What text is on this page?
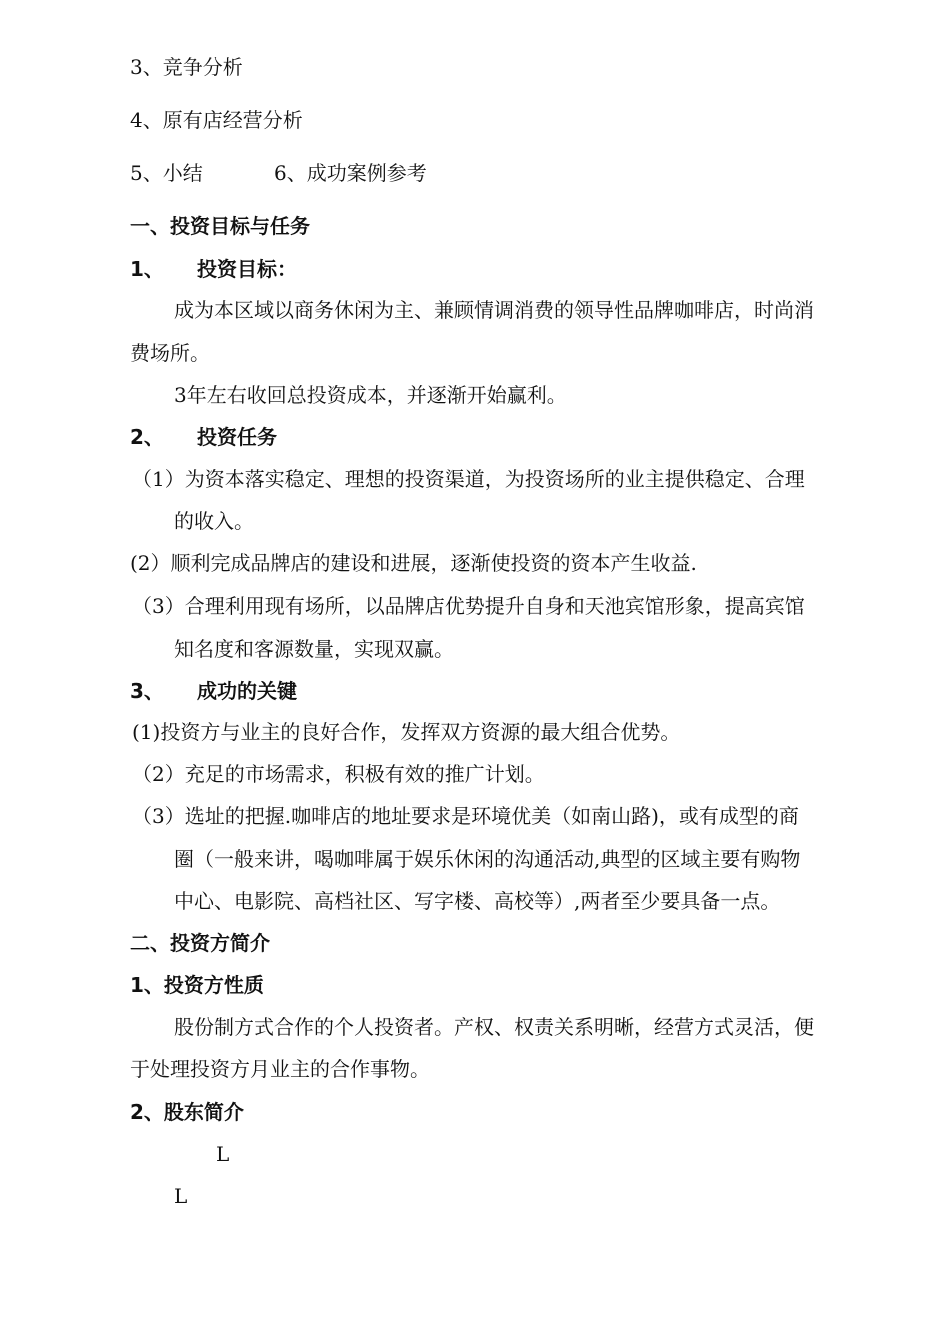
3、竞争分析
4、原有店经营分析
5、小结	6、成功案例参考
一、投资目标与任务
1、 投资目标：
成为本区域以商务休闲为主、兼顾情调消费的领导性品牌咖啡店，时尚消
费场所。
3年左右收回总投资成本，并逐渐开始赢利。
2、 投资任务
（1）为资本落实稳定、理想的投资渠道，为投资场所的业主提供稳定、合理
的收入。
(2）顺利完成品牌店的建设和进展，逐渐使投资的资本产生收益.
（3）合理利用现有场所，以品牌店优势提升自身和天池宾馆形象，提高宾馆
知名度和客源数量，实现双赢。
3、 成功的关键
(1)投资方与业主的良好合作，发挥双方资源的最大组合优势。
（2）充足的市场需求，积极有效的推广计划。
（3）选址的把握.咖啡店的地址要求是环境优美（如南山路)，或有成型的商
圈（一般来讲，喝咖啡属于娱乐休闲的沟通活动,典型的区域主要有购物
中心、电影院、高档社区、写字楼、高校等）,两者至少要具备一点。
二、投资方简介
1、投资方性质
股份制方式合作的个人投资者。产权、权责关系明晰，经营方式灵活，便
于处理投资方月业主的合作事物。
2、股东简介
L
L
